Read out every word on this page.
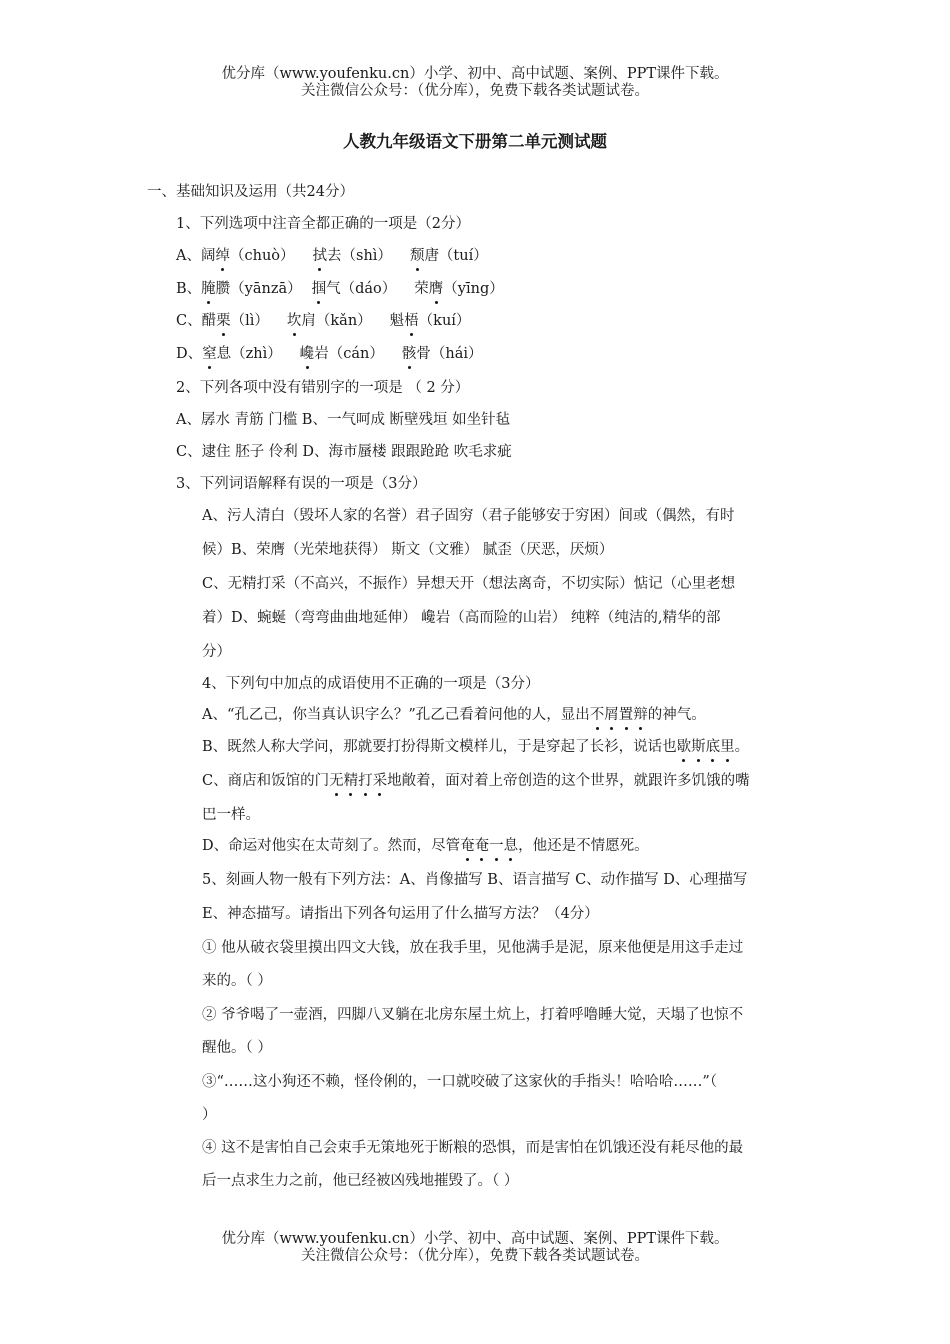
优分库（www.youfenku.cn）小学、初中、高中试题、案例、PPT课件下载。
关注微信公众号：（优分库），免费下载各类试题试卷。
人教九年级语文下册第二单元测试题
一、基础知识及运用（共24分）
1、下列选项中注音全都正确的一项是（2分）
A、阔绰（chuò） 拭去（shì） 颓唐（tuí）
B、腌臜（yānzā） 掴气（dáo） 荣膺（yīng）
C、醋栗（lì） 坎肩（kǎn） 魁梧（kuí）
D、窒息（zhì） 巉岩（cán） 骸骨（hái）
2、下列各项中没有错别字的一项是 （ 2 分）
A、孱水 青筋 门槛 B、一气呵成 断壁残垣 如坐针毡
C、逮住 胚子 伶利 D、海市蜃楼 跟跟跄跄 吹毛求疵
3、下列词语解释有误的一项是（3分）
A、污人清白（毁坏人家的名誉）君子固穷（君子能够安于穷困）间或（偶然，有时
候）B、荣膺（光荣地获得） 斯文（文雅） 腻歪（厌恶，厌烦）
C、无精打采（不高兴，不振作）异想天开（想法离奇，不切实际）惦记（心里老想
着）D、蜿蜒（弯弯曲曲地延伸） 巉岩（高而险的山岩） 纯粹（纯洁的,精华的部
分）
4、下列句中加点的成语使用不正确的一项是（3分）
A、“孔乙己，你当真认识字么？”孔乙己看着问他的人，显出不屑置辩的神气。
B、既然人称大学问，那就要打扮得斯文模样儿，于是穿起了长衫，说话也歇斯底里。
C、商店和饭馆的门无精打采地敞着，面对着上帝创造的这个世界，就跟许多饥饿的嘴
巴一样。
D、命运对他实在太苛刻了。然而，尽管奄奄一息，他还是不情愿死。
5、刻画人物一般有下列方法：A、肖像描写 B、语言描写 C、动作描写 D、心理描写
E、神态描写。请指出下列各句运用了什么描写方法？（4分）
① 他从破衣袋里摸出四文大钱，放在我手里，见他满手是泥，原来他便是用这手走过
来的。（ ）
② 爷爷喝了一壶酒，四脚八叉躺在北房东屋土炕上，打着呼噜睡大觉，天塌了也惊不
醒他。（ ）
③“……这小狗还不赖，怪伶俐的，一口就咬破了这家伙的手指头！哈哈哈……”（
）
④ 这不是害怕自己会束手无策地死于断粮的恐惧，而是害怕在饥饿还没有耗尽他的最
后一点求生力之前，他已经被凶残地摧毁了。（ ）
优分库（www.youfenku.cn）小学、初中、高中试题、案例、PPT课件下载。
关注微信公众号：（优分库），免费下载各类试题试卷。
